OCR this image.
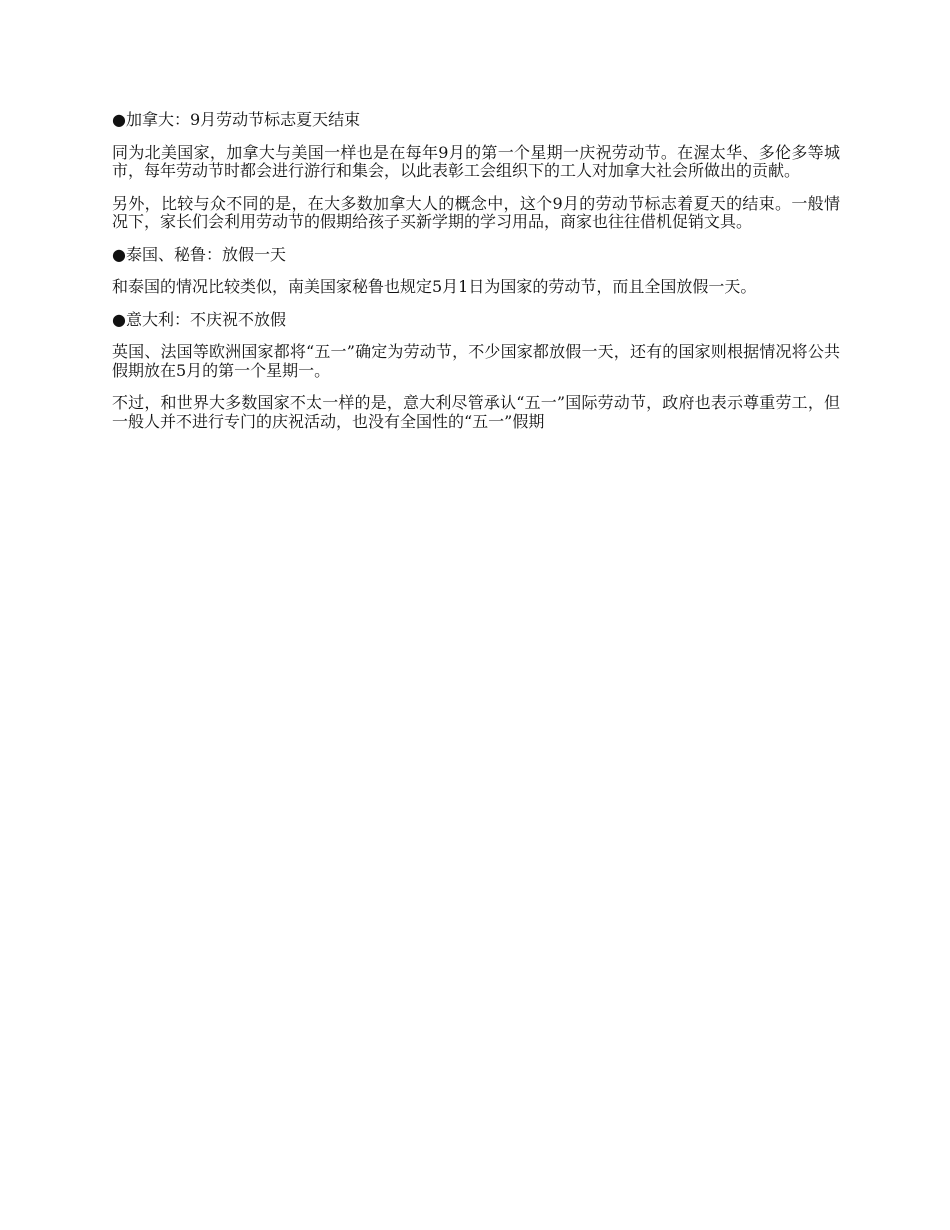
●加拿大：9月劳动节标志夏天结束

同为北美国家，加拿大与美国一样也是在每年9月的第一个星期一庆祝劳动节。在渥太华、多伦多等城市，每年劳动节时都会进行游行和集会，以此表彰工会组织下的工人对加拿大社会所做出的贡献。

另外，比较与众不同的是，在大多数加拿大人的概念中，这个9月的劳动节标志着夏天的结束。一般情况下，家长们会利用劳动节的假期给孩子买新学期的学习用品，商家也往往借机促销文具。

●泰国、秘鲁：放假一天

和泰国的情况比较类似，南美国家秘鲁也规定5月1日为国家的劳动节，而且全国放假一天。

●意大利：不庆祝不放假

英国、法国等欧洲国家都将“五一”确定为劳动节，不少国家都放假一天，还有的国家则根据情况将公共假期放在5月的第一个星期一。

不过，和世界大多数国家不太一样的是，意大利尽管承认“五一”国际劳动节，政府也表示尊重劳工，但一般人并不进行专门的庆祝活动，也没有全国性的“五一”假期
